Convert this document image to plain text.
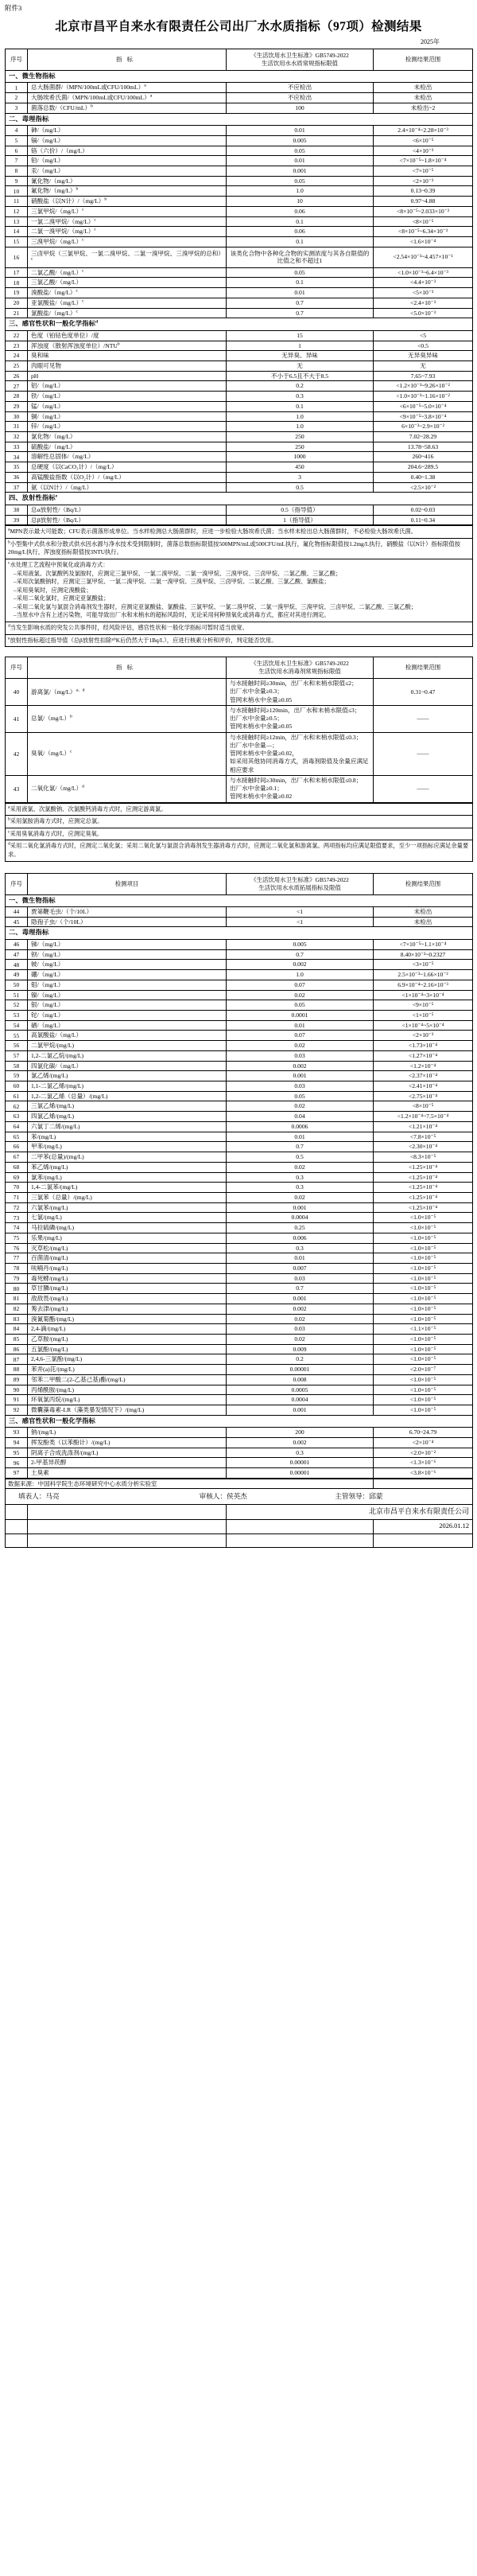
附件3
北京市昌平自来水有限责任公司出厂水水质指标（97项）检测结果
2025年
序号	指标	《生活饮用水卫生标准》GB5749-2022
生活饮用水水质常规指标限值	检测结果范围
一、微生物指标			
1	总大肠菌群/（MPN/100mL或CFU/100mL）$^a$	不应检出	未检出
2	大肠埃希氏菌/（MPN/100mL或CFU/100mL）$^a$	不应检出	未检出
3	菌落总数$/(CFU/mL)^b$	100	未检出~2
二、毒理指标			
4	砷/（mg/L）	0.01	2.4×10⁻⁴~2.28×10⁻³
5	镉/（mg/L）	0.005	<6×10⁻⁵
6	铬（六价）/（mg/L）	0.05	<4×10⁻³
7	铅/（mg/L）	0.01	<7×10⁻⁵~1.8×10⁻⁴
8	汞/（mg/L）	0.001	<7×10⁻⁵
9	氰化物/（mg/L）	0.05	<2×10⁻³
10	氟化物$/(mg/L)^b$	1.0	0.13~0.39
11	硝酸盐（以N计）$/(mg/L)^b$	10	0.97~4.88
12	三氯甲烷$/(mg/L)^c$	0.06	<8×10⁻⁵~2.033×10⁻²
13	一氯二溴甲烷$/(mg/L)^c$	0.1	<8×10⁻⁵
14	二氯一溴甲烷$/(mg/L)^c$	0.06	<8×10⁻⁵~6.34×10⁻³
15	三溴甲烷$/(mg/L)^c$	0.1	<1.6×10⁻⁴
16	三卤甲烷（三氯甲烷、一氯二溴甲烷、二氯一溴甲烷、三溴甲烷的总和）$^c$	该类化合物中各种化合物的实测浓度与其各自限值的比值之和不超过1	<2.54×10⁻³~4.457×10⁻¹
17	二氯乙酸$/(mg/L)^c$	0.05	<1.0×10⁻³~6.4×10⁻³
18	三氯乙酸/（mg/L）	0.1	<4.4×10⁻³
19	溴酸盐$/(mg/L)^c$	0.01	<5×10⁻³
20	亚氯酸盐$/(mg/L)^c$	0.7	<2.4×10⁻³
21	氯酸盐$/(mg/L)^c$	0.7	<5.0×10⁻³
三、感官性状和一般化学指标$^d$
22	色度（铂钴色度单位）/度	15	<5
23	浑浊度（散射浑浊度单位）/NTU$^b$	1	<0.5
24	臭和味	无异臭、异味	无异臭异味
25	肉眼可见物	无	无
26	pH	不小于6.5且不大于8.5	7.65~7.93
27	铝/（mg/L）	0.2	<1.2×10⁻³~9.26×10⁻²
28	铁/（mg/L）	0.3	<1.0×10⁻³~1.16×10⁻²
29	锰/（mg/L）	0.1	<6×10⁻⁵~5.0×10⁻⁴
30	铜/（mg/L）	1.0	<9×10⁻⁵~3.8×10⁻⁴
31	锌/（mg/L）	1.0	6×10⁻³~2.9×10⁻²
32	氯化物/（mg/L）	250	7.02~28.29
33	硫酸盐/（mg/L）	250	13.78~58.63
34	溶解性总固体/（mg/L）	1000	260~416
35	总硬度（以CaCO₃计）/（mg/L）	450	204.6~289.5
36	高锰酸盐指数（以O₂计）/（mg/L）	3	0.40~1.38
37	氨（以N计）/（mg/L）	0.5	<2.5×10⁻²
四、放射性指标$^e$
38	总α放射性/（Bq/L）	0.5（指导值）	0.02~0.03
39	总β放射性/（Bq/L）	1（指导值）	0.11~0.34
$^a$MPN表示最大可能数；CFU表示菌落形成单位。当水样检测总大肠菌群时，应进一步检验大肠埃希氏菌；当水样未检出总大肠菌群时，不必检验大肠埃希氏菌。
$^b$小型集中式供水和分散式供水因水源与净水技术受到限制时，菌落总数指标限值按500MPN/mL或500CFU/mL执行，氟化物指标限值按1.2mg/L执行，硝酸盐（以N计）指标限值按20mg/L执行，浑浊度指标限值按3NTU执行。
$^c$水处理工艺流程中预氧化或消毒方式：
–采用液氯、次氯酸钙及氯胺时，应测定三氯甲烷、一氯二溴甲烷、二氯一溴甲烷、三溴甲烷、三卤甲烷、二氯乙酸、三氯乙酸；
–采用次氯酸钠时，应测定三氯甲烷、一氯二溴甲烷、二氯一溴甲烷、三溴甲烷、三卤甲烷、二氯乙酸、三氯乙酸、氯酸盐；
–采用臭氧时，应测定溴酸盐；
–采用二氧化氯时，应测定亚氯酸盐；
–采用二氧化氯与氯混合消毒剂发生器时，应测定亚氯酸盐、氯酸盐、三氯甲烷、一氯二溴甲烷、二氯一溴甲烷、三溴甲烷、三卤甲烷、二氯乙酸、三氯乙酸；
–当原水中含有上述污染物，可能导致出厂水和末梢水的超标风险时，无论采用何种预氧化或消毒方式，都应对其进行测定。

$^d$当发生影响水质的突发公共事件时，经风险评估，感官性状和一般化学指标可暂时适当放宽。
$^e$放射性指标超过指导值（总β放射性扣除⁴⁰K后仍然大于1Bq/L），应进行核素分析和评价，判定能否饮用。
序号	指标	《生活饮用水卫生标准》GB5749-2022
生活饮用水消毒剂常规指标限值	检测结果范围
40	游离氯$/(mg/L)^{a、d}$	与水接触时间≥30min，出厂水和末梢水限值≤2；
出厂水中余量≥0.3；
管网末梢水中余量≥0.05	0.31~0.47
41	总氯$/(mg/L)^b$	与水接触时间≥120min，出厂水和末梢水限值≤3；
出厂水中余量≥0.5；
管网末梢水中余量≥0.05	——
42	臭氧$/(mg/L)^c$	与水接触时间≥12min，出厂水和末梢水限值≤0.3；
出厂水中余量—；
管网末梢水中余量≥0.02，
如采用其他协同消毒方式，消毒剂限值及余量应满足相应要求	——
43	二氧化氯$/(mg/L)^d$	与水接触时间≥30min，出厂水和末梢水限值≤0.8；
出厂水中余量≥0.1；
管网末梢水中余量≥0.02	——
$^a$采用液氯、次氯酸钠、次氯酸钙消毒方式时，应测定游离氯。
$^b$采用氯胺消毒方式时，应测定总氯。
$^c$采用臭氧消毒方式时，应测定臭氧。
$^d$采用二氧化氯消毒方式时，应测定二氧化氯；采用二氧化氯与氯混合消毒剂发生器消毒方式时，应测定二氧化氯和游离氯。两项指标均应满足限值要求，至少一项指标应满足余量要求。
序号	检测项目	《生活饮用水卫生标准》GB5749-2022
生活饮用水水质拓展指标及限值	检测结果范围
一、微生物指标			
44	贾第鞭毛虫/（个/10L）	<1	未检出
45	隐孢子虫/（个/10L）	<1	未检出
二、毒理指标			
46	锑/（mg/L）	0.005	<7×10⁻⁵~1.1×10⁻⁴
47	钡/（mg/L）	0.7	8.40×10⁻²~0.2327
48	铍/（mg/L）	0.002	<3×10⁻⁵
49	硼/（mg/L）	1.0	2.5×10⁻³~1.66×10⁻²
50	钼/（mg/L）	0.07	6.9×10⁻⁴~2.16×10⁻³
51	镍/（mg/L）	0.02	<1×10⁻⁴~3×10⁻⁴
52	银/（mg/L）	0.05	<9×10⁻⁵
53	铊/（mg/L）	0.0001	<1×10⁻⁵
54	硒/（mg/L）	0.01	<1×10⁻⁴~5×10⁻⁴
55	高氯酸盐/（mg/L）	0.07	<2×10⁻³
56	二氯甲烷/(mg/L)	0.02	<1.73×10⁻⁴
57	1,2-二氯乙烷/(mg/L)	0.03	<1.27×10⁻⁴
58	四氯化碳/（mg/L）	0.002	<1.2×10⁻⁴
59	氯乙烯/(mg/L)	0.001	<2.37×10⁻⁴
60	1,1-二氯乙烯/(mg/L)	0.03	<2.41×10⁻⁴
61	1,2-二氯乙烯（总量）/(mg/L)	0.05	<2.75×10⁻⁴
62	三氯乙烯/(mg/L)	0.02	<8×10⁻⁵
63	四氯乙烯/(mg/L)	0.04	<1.2×10⁻⁴~7.5×10⁻⁴
64	六氯丁二烯/(mg/L)	0.0006	<1.21×10⁻⁴
65	苯/(mg/L)	0.01	<7.8×10⁻⁵
66	甲苯/(mg/L)	0.7	<2.30×10⁻⁴
67	二甲苯(总量)/(mg/L)	0.5	<8.3×10⁻⁵
68	苯乙烯/(mg/L)	0.02	<1.25×10⁻⁴
69	氯苯/(mg/L)	0.3	<1.25×10⁻⁴
70	1,4-二氯苯/(mg/L)	0.3	<1.25×10⁻⁴
71	三氯苯（总量）/(mg/L)	0.02	<1.25×10⁻⁴
72	六氯苯/(mg/L)	0.001	<1.25×10⁻⁴
73	七氯/(mg/L)	0.0004	<1.0×10⁻⁵
74	马拉硫磷/(mg/L)	0.25	<1.0×10⁻⁵
75	乐果/(mg/L)	0.006	<1.0×10⁻⁵
76	灭草松/(mg/L)	0.3	<1.0×10⁻⁵
77	百菌清/(mg/L)	0.01	<1.0×10⁻⁵
78	呋喃丹/(mg/L)	0.007	<1.0×10⁻⁵
79	毒死蜱/(mg/L)	0.03	<1.0×10⁻⁵
80	草甘膦/(mg/L)	0.7	<1.0×10⁻⁵
81	敌敌畏/(mg/L)	0.001	<1.0×10⁻⁵
82	莠去津/(mg/L)	0.002	<1.0×10⁻⁵
83	溴氰菊酯/(mg/L)	0.02	<1.0×10⁻⁵
84	2,4-滴/(mg/L)	0.03	<1.1×10⁻⁵
85	乙草胺/(mg/L)	0.02	<1.0×10⁻⁵
86	五氯酚/(mg/L)	0.009	<1.0×10⁻⁵
87	2,4,6-三氯酚/(mg/L)	0.2	<1.0×10⁻⁵
88	苯并(a)芘/(mg/L)	0.00001	<2.0×10⁻⁷
89	邻苯二甲酸二(2-乙基己基)酯/(mg/L)	0.008	<1.0×10⁻⁵
90	丙烯酰胺/(mg/L)	0.0005	<1.0×10⁻⁵
91	环氧氯丙烷/(mg/L)	0.0004	<1.0×10⁻⁵
92	微囊藻毒素-LR（藻类暴发情况下）/(mg/L)	0.001	<1.0×10⁻⁵
三、感官性状和一般化学指标			
93	钠/(mg/L)	200	6.70~24.79
94	挥发酚类（以苯酚计）/(mg/L)	0.002	<2×10⁻⁴
95	阴离子合成洗涤剂/(mg/L)	0.3	<2.0×10⁻²
96	2-甲基异莰醇	0.00001	<1.3×10⁻⁶
97	土臭素	0.00001	<3.8×10⁻⁶
数据来源：中国科学院生态环境研究中心水质分析实验室			

填表人：马亮 审核人：侯英杰 主管领导：邱蒙			

		北京市昌平自来水有限责任公司	
			2026.01.12
